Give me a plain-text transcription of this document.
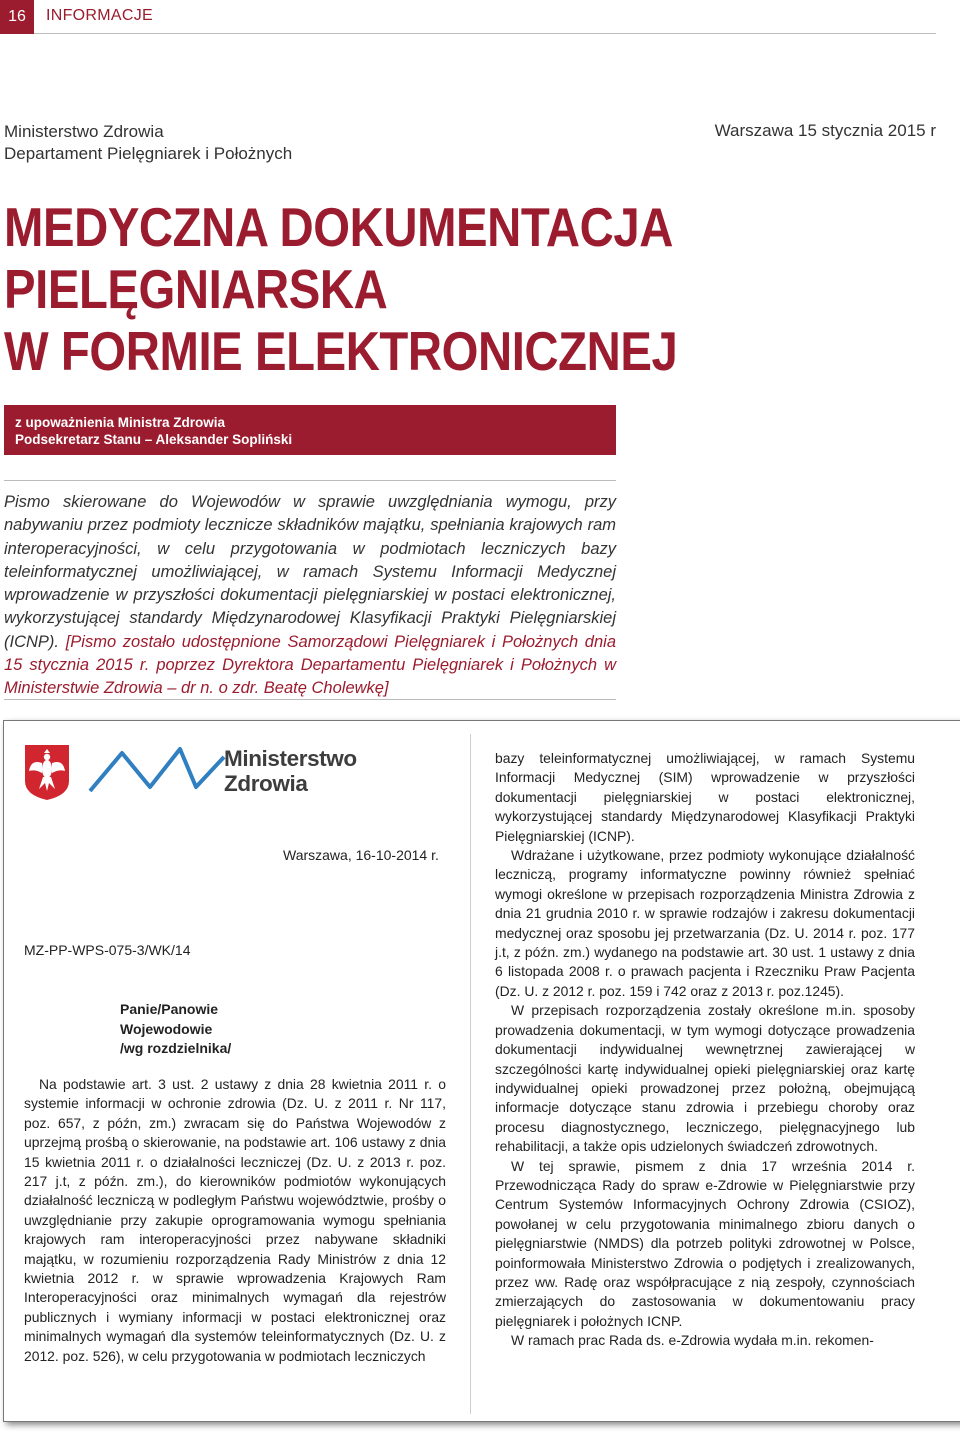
16	INFORMACJE
Ministerstwo Zdrowia
Departament Pielęgniarek i Położnych
Warszawa 15 stycznia 2015 r
MEDYCZNA DOKUMENTACJA
PIELĘGNIARSKA
W FORMIE ELEKTRONICZNEJ
z upoważnienia Ministra Zdrowia
Podsekretarz Stanu – Aleksander Sopliński

Pismo skierowane do Wojewodów w sprawie uwzględniania wymogu, przy nabywaniu przez podmioty lecznicze składników majątku, spełniania krajowych ram interoperacyjności, w celu przygotowania w podmiotach leczniczych bazy teleinformatycznej umożliwiającej, w ramach Systemu Informacji Medycznej wprowadzenie w przyszłości dokumentacji pielęgniarskiej w postaci elektronicznej, wykorzystującej standardy Międzynarodowej Klasyfikacji Praktyki Pielęgniarskiej (ICNP). [Pismo zostało udostępnione Samorządowi Pielęgniarek i Położnych dnia 15 stycznia 2015 r. poprzez Dyrektora Departamentu Pielęgniarek i Położnych w Ministerstwie Zdrowia – dr n. o zdr. Beatę Cholewkę]

Ministerstwo
Zdrowia
Warszawa, 16-10-2014 r.
MZ-PP-WPS-075-3/WK/14
Panie/Panowie
Wojewodowie
/wg rozdzielnika/

Na podstawie art. 3 ust. 2 ustawy z dnia 28 kwietnia 2011 r. o systemie informacji w ochronie zdrowia (Dz. U. z 2011 r. Nr 117, poz. 657, z późn, zm.) zwracam się do Państwa Wojewodów z uprzejmą prośbą o skierowanie, na podstawie art. 106 ustawy z dnia 15 kwietnia 2011 r. o działalności leczniczej (Dz. U. z 2013 r. poz. 217 j.t, z późn. zm.), do kierowników podmiotów wykonujących działalność leczniczą w podległym Państwu województwie, prośby o uwzględnianie przy zakupie oprogramowania wymogu spełniania krajowych ram interoperacyjności przez nabywane składniki majątku, w rozumieniu rozporządzenia Rady Ministrów z dnia 12 kwietnia 2012 r. w sprawie wprowadzenia Krajowych Ram Interoperacyjności oraz minimalnych wymagań dla rejestrów publicznych i wymiany informacji w postaci elektronicznej oraz minimalnych wymagań dla systemów teleinformatycznych (Dz. U. z 2012. poz. 526), w celu przygotowania w podmiotach leczniczych

bazy teleinformatycznej umożliwiającej, w ramach Systemu Informacji Medycznej (SIM) wprowadzenie w przyszłości dokumentacji pielęgniarskiej w postaci elektronicznej, wykorzystującej standardy Międzynarodowej Klasyfikacji Praktyki Pielęgniarskiej (ICNP).

Wdrażane i użytkowane, przez podmioty wykonujące działalność leczniczą, programy informatyczne powinny również spełniać wymogi określone w przepisach rozporządzenia Ministra Zdrowia z dnia 21 grudnia 2010 r. w sprawie rodzajów i zakresu dokumentacji medycznej oraz sposobu jej przetwarzania (Dz. U. 2014 r. poz. 177 j.t, z późn. zm.) wydanego na podstawie art. 30 ust. 1 ustawy z dnia 6 listopada 2008 r. o prawach pacjenta i Rzeczniku Praw Pacjenta (Dz. U. z 2012 r. poz. 159 i 742 oraz z 2013 r. poz.1245).

W przepisach rozporządzenia zostały określone m.in. sposoby prowadzenia dokumentacji, w tym wymogi dotyczące prowadzenia dokumentacji indywidualnej wewnętrznej zawierającej w szczególności kartę indywidualnej opieki pielęgniarskiej oraz kartę indywidualnej opieki prowadzonej przez położną, obejmującą informacje dotyczące stanu zdrowia i przebiegu choroby oraz procesu diagnostycznego, leczniczego, pielęgnacyjnego lub rehabilitacji, a także opis udzielonych świadczeń zdrowotnych.

W tej sprawie, pismem z dnia 17 września 2014 r. Przewodnicząca Rady do spraw e-Zdrowie w Pielęgniarstwie przy Centrum Systemów Informacyjnych Ochrony Zdrowia (CSIOZ), powołanej w celu przygotowania minimalnego zbioru danych o pielęgniarstwie (NMDS) dla potrzeb polityki zdrowotnej w Polsce, poinformowała Ministerstwo Zdrowia o podjętych i zrealizowanych, przez ww. Radę oraz współpracujące z nią zespoły, czynnościach zmierzających do zastosowania w dokumentowaniu pracy pielęgniarek i położnych ICNP.

W ramach prac Rada ds. e-Zdrowia wydała m.in. rekomen-
